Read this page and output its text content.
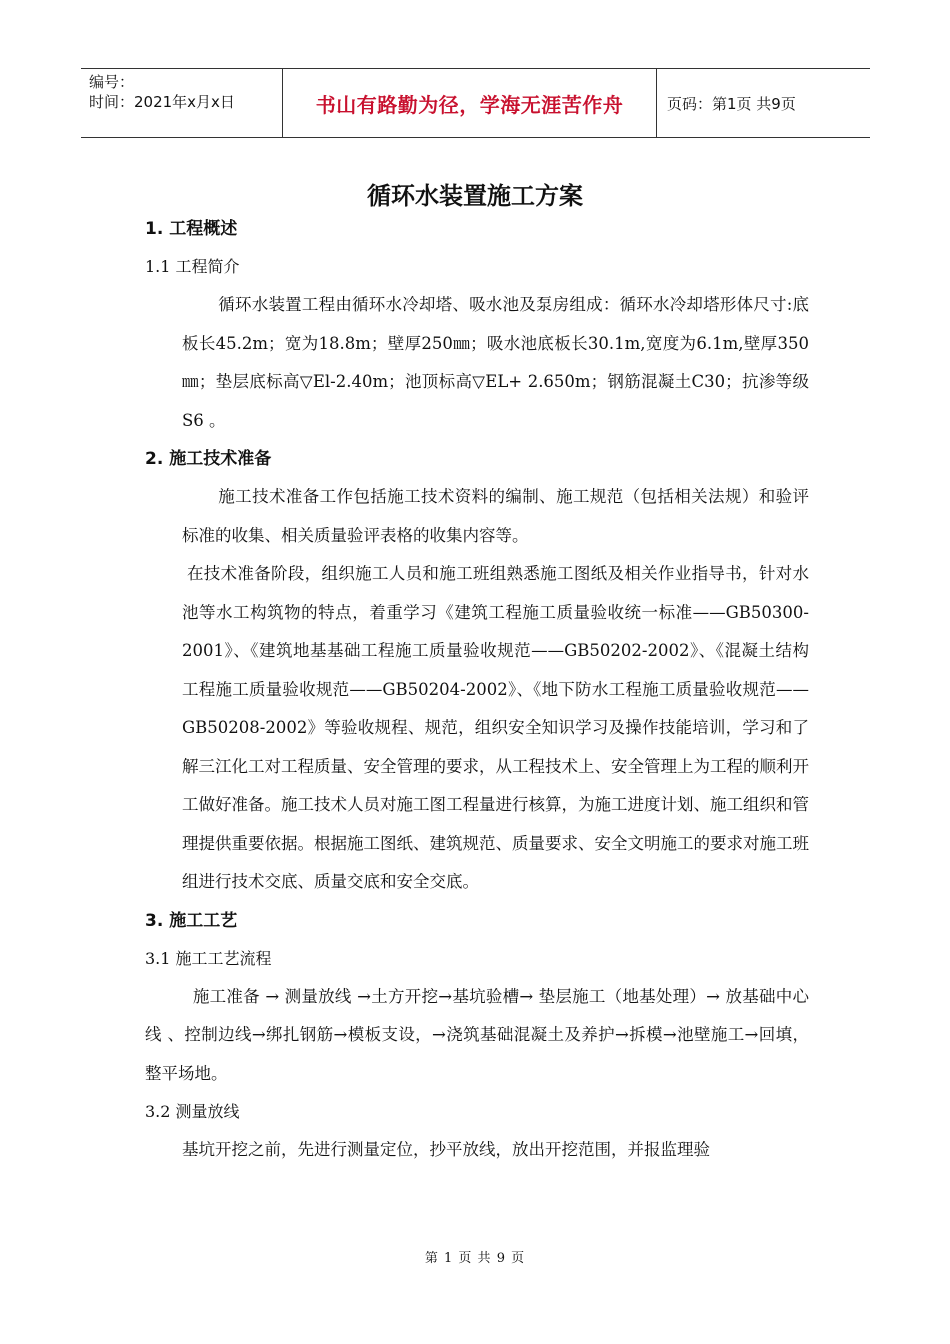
编号：
时间：2021年x月x日	书山有路勤为径，学海无涯苦作舟	页码：第1页 共9页
循环水装置施工方案

1. 工程概述

1.1 工程简介

循环水装置工程由循环水冷却塔、吸水池及泵房组成：循环水冷却塔形体尺寸:底板长45.2m；宽为18.8m；壁厚250㎜；吸水池底板长30.1m,宽度为6.1m,壁厚350㎜；垫层底标高▽El-2.40m；池顶标高▽EL+ 2.650m；钢筋混凝土C30；抗渗等级S6 。

2. 施工技术准备

施工技术准备工作包括施工技术资料的编制、施工规范（包括相关法规）和验评标准的收集、相关质量验评表格的收集内容等。

在技术准备阶段，组织施工人员和施工班组熟悉施工图纸及相关作业指导书，针对水池等水工构筑物的特点，着重学习《建筑工程施工质量验收统一标准——GB50300-2001》、《建筑地基基础工程施工质量验收规范——GB50202-2002》、《混凝土结构工程施工质量验收规范——GB50204-2002》、《地下防水工程施工质量验收规范——GB50208-2002》等验收规程、规范，组织安全知识学习及操作技能培训，学习和了解三江化工对工程质量、安全管理的要求，从工程技术上、安全管理上为工程的顺利开工做好准备。施工技术人员对施工图工程量进行核算，为施工进度计划、施工组织和管理提供重要依据。根据施工图纸、建筑规范、质量要求、安全文明施工的要求对施工班组进行技术交底、质量交底和安全交底。

3. 施工工艺

3.1 施工工艺流程

施工准备 → 测量放线 →土方开挖→基坑验槽→ 垫层施工（地基处理）→ 放基础中心线 、控制边线→绑扎钢筋→模板支设，→浇筑基础混凝土及养护→拆模→池壁施工→回填，整平场地。

3.2 测量放线

基坑开挖之前，先进行测量定位，抄平放线，放出开挖范围，并报监理验

第 1 页 共 9 页
